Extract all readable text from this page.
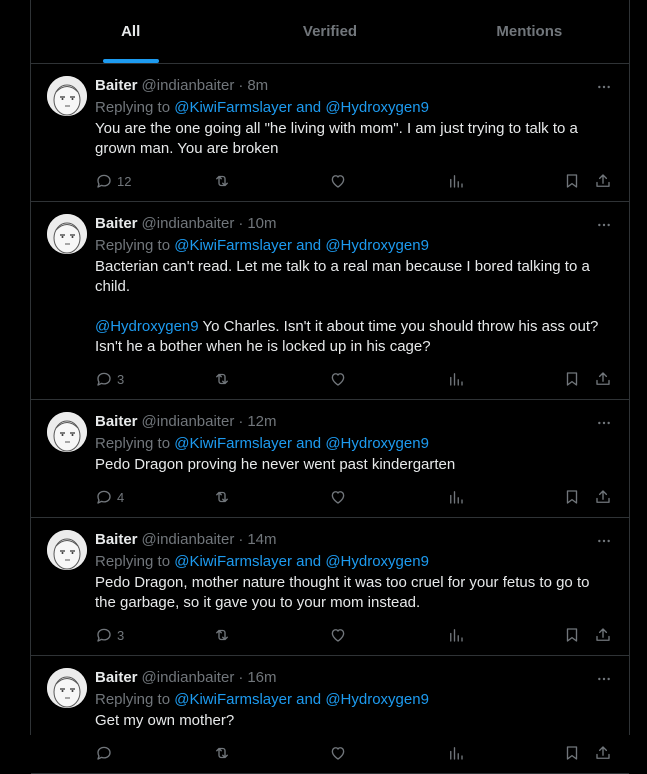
All	Verified	Mentions
Baiter @indianbaiter · 8m
Replying to @KiwiFarmslayer and @Hydroxygen9

You are the one going all "he living with mom". I am just trying to talk to a grown man. You are broken

12
Baiter @indianbaiter · 10m
Replying to @KiwiFarmslayer and @Hydroxygen9

Bacterian can't read. Let me talk to a real man because I bored talking to a child.

@Hydroxygen9 Yo Charles. Isn't it about time you should throw his ass out? Isn't he a bother when he is locked up in his cage?

3
Baiter @indianbaiter · 12m
Replying to @KiwiFarmslayer and @Hydroxygen9

Pedo Dragon proving he never went past kindergarten

4
Baiter @indianbaiter · 14m
Replying to @KiwiFarmslayer and @Hydroxygen9

Pedo Dragon, mother nature thought it was too cruel for your fetus to go to the garbage, so it gave you to your mom instead.

3
Baiter @indianbaiter · 16m
Replying to @KiwiFarmslayer and @Hydroxygen9

Get my own mother?
